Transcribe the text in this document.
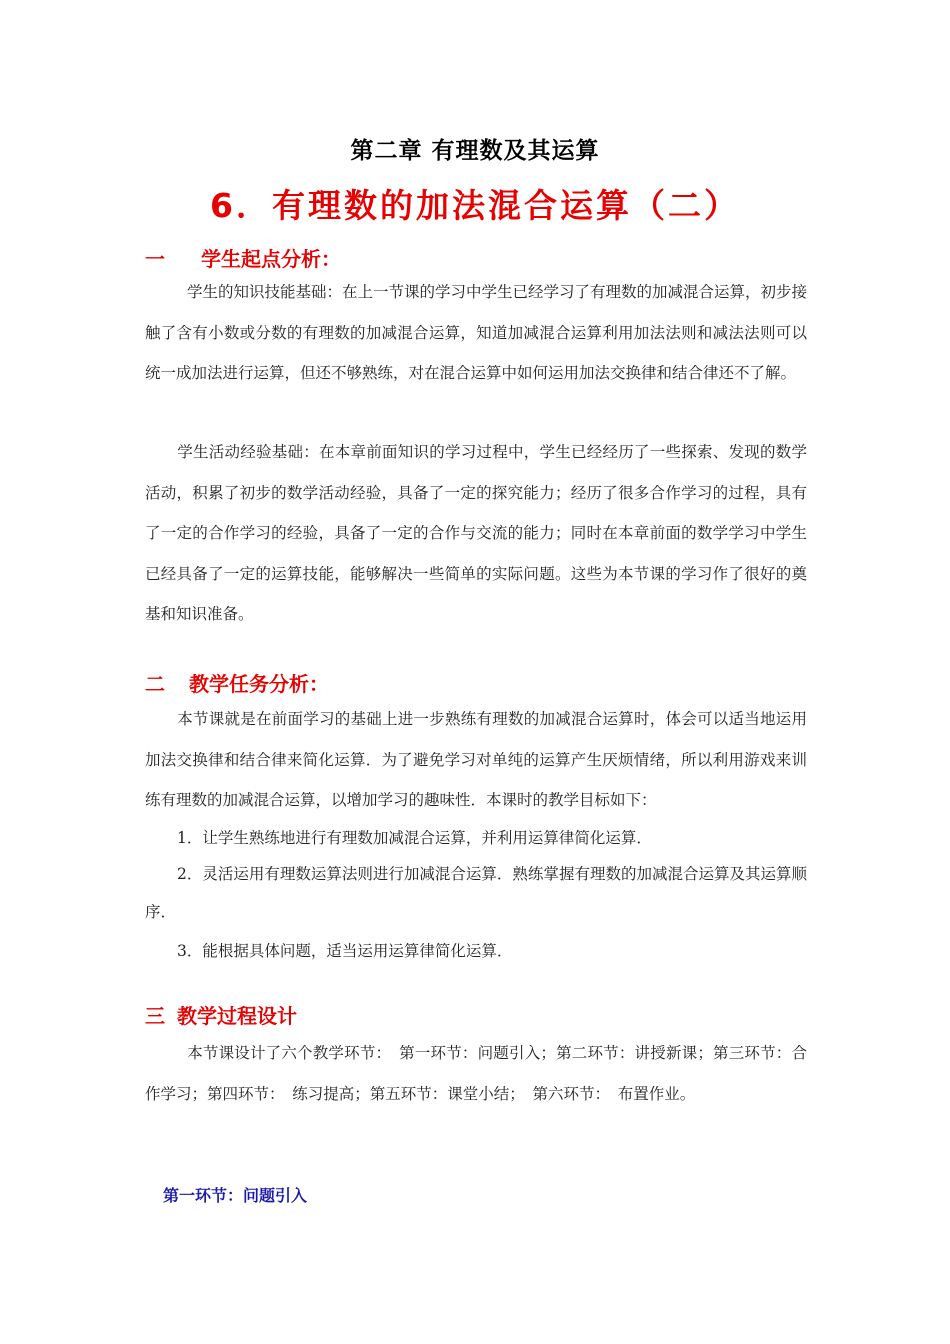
第二章 有理数及其运算
6．有理数的加法混合运算（二）
一 学生起点分析：
学生的知识技能基础：在上一节课的学习中学生已经学习了有理数的加减混合运算，初步接触了含有小数或分数的有理数的加减混合运算，知道加减混合运算利用加法法则和减法法则可以统一成加法进行运算，但还不够熟练，对在混合运算中如何运用加法交换律和结合律还不了解。
学生活动经验基础：在本章前面知识的学习过程中，学生已经经历了一些探索、发现的数学活动，积累了初步的数学活动经验，具备了一定的探究能力；经历了很多合作学习的过程，具有了一定的合作学习的经验，具备了一定的合作与交流的能力；同时在本章前面的数学学习中学生已经具备了一定的运算技能，能够解决一些简单的实际问题。这些为本节课的学习作了很好的奠基和知识准备。
二 教学任务分析：
本节课就是在前面学习的基础上进一步熟练有理数的加减混合运算时，体会可以适当地运用加法交换律和结合律来简化运算．为了避免学习对单纯的运算产生厌烦情绪，所以利用游戏来训练有理数的加减混合运算，以增加学习的趣味性．本课时的教学目标如下：
1．让学生熟练地进行有理数加减混合运算，并利用运算律简化运算．
2．灵活运用有理数运算法则进行加减混合运算．熟练掌握有理数的加减混合运算及其运算顺序．
3．能根据具体问题，适当运用运算律简化运算．
三 教学过程设计
本节课设计了六个教学环节：　第一环节：问题引入；第二环节：讲授新课；第三环节：合作学习；第四环节：　练习提高；第五环节：课堂小结；　第六环节：　布置作业。
第一环节：问题引入
